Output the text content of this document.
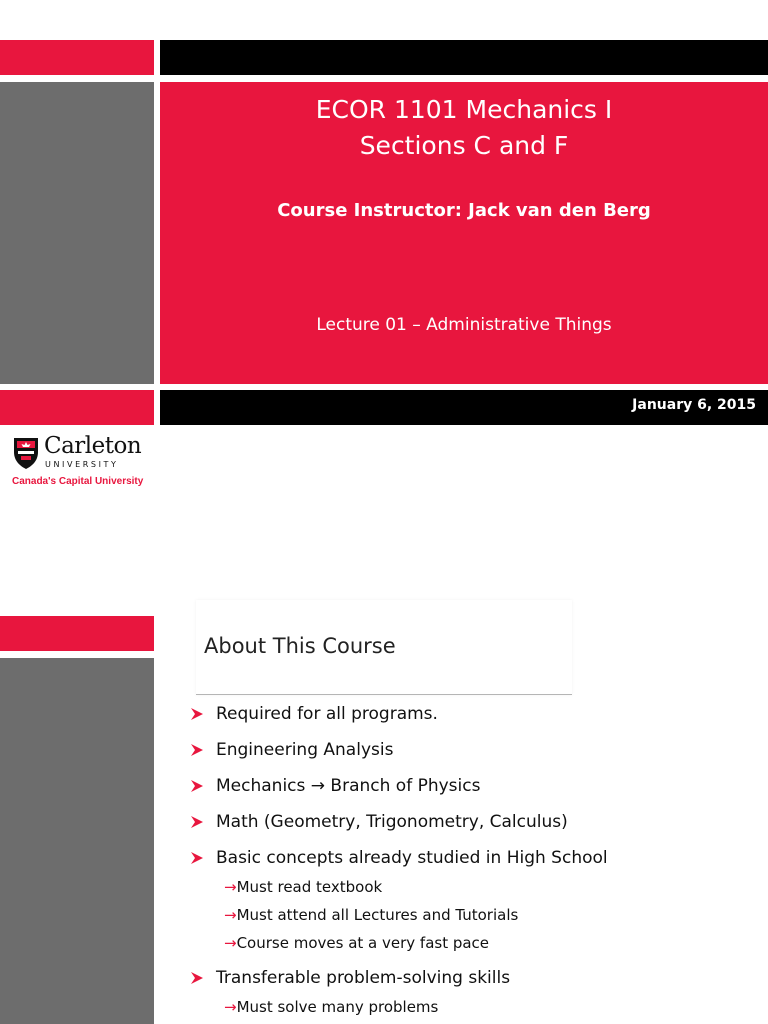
ECOR 1101 Mechanics I
Sections C and F
Course Instructor: Jack van den Berg
Lecture 01 – Administrative Things
January 6, 2015
Carleton
UNIVERSITY
Canada's Capital University
About This Course
Required for all programs.
Engineering Analysis
Mechanics → Branch of Physics
Math (Geometry, Trigonometry, Calculus)
Basic concepts already studied in High School
→Must read textbook
→Must attend all Lectures and Tutorials
→Course moves at a very fast pace
Transferable problem-solving skills
→Must solve many problems
